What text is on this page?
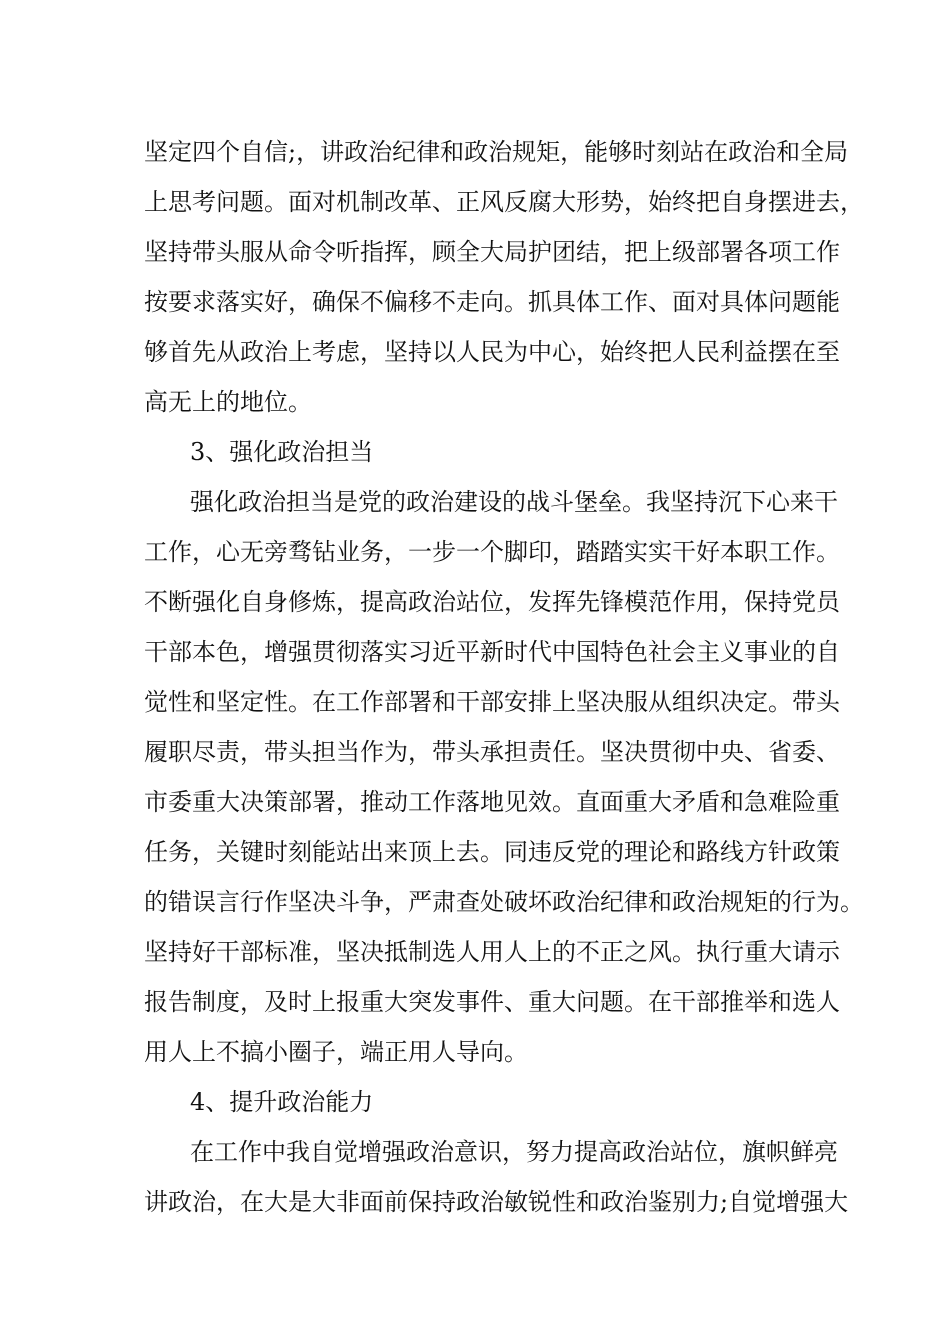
坚定四个自信;，讲政治纪律和政治规矩，能够时刻站在政治和全局
上思考问题。面对机制改革、正风反腐大形势，始终把自身摆进去，
坚持带头服从命令听指挥，顾全大局护团结，把上级部署各项工作
按要求落实好，确保不偏移不走向。抓具体工作、面对具体问题能
够首先从政治上考虑，坚持以人民为中心，始终把人民利益摆在至
高无上的地位。
3、强化政治担当
强化政治担当是党的政治建设的战斗堡垒。我坚持沉下心来干
工作，心无旁骛钻业务，一步一个脚印，踏踏实实干好本职工作。
不断强化自身修炼，提高政治站位，发挥先锋模范作用，保持党员
干部本色，增强贯彻落实习近平新时代中国特色社会主义事业的自
觉性和坚定性。在工作部署和干部安排上坚决服从组织决定。带头
履职尽责，带头担当作为，带头承担责任。坚决贯彻中央、省委、
市委重大决策部署，推动工作落地见效。直面重大矛盾和急难险重
任务，关键时刻能站出来顶上去。同违反党的理论和路线方针政策
的错误言行作坚决斗争，严肃查处破坏政治纪律和政治规矩的行为。
坚持好干部标准，坚决抵制选人用人上的不正之风。执行重大请示
报告制度，及时上报重大突发事件、重大问题。在干部推举和选人
用人上不搞小圈子，端正用人导向。
4、提升政治能力
在工作中我自觉增强政治意识，努力提高政治站位，旗帜鲜亮
讲政治，在大是大非面前保持政治敏锐性和政治鉴别力;自觉增强大
